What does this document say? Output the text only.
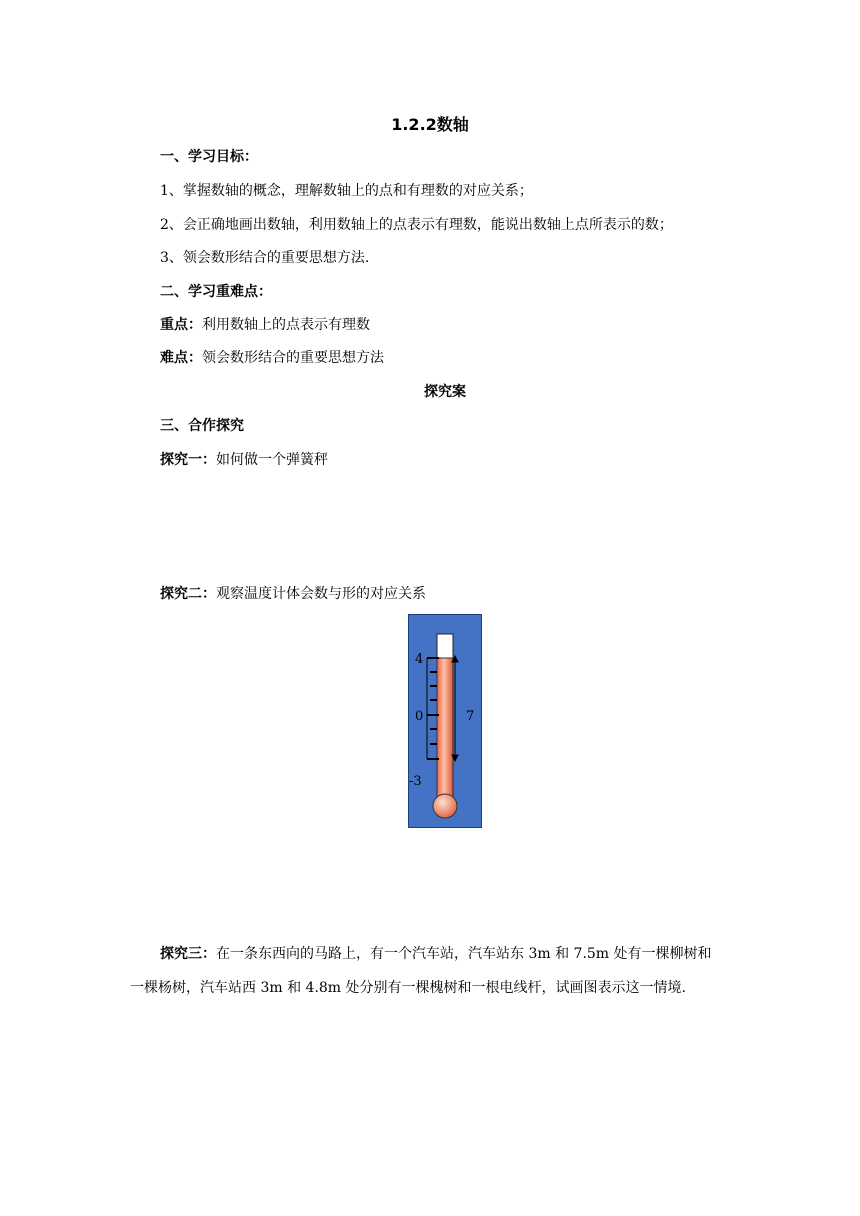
1.2.2数轴
一、学习目标：
1、掌握数轴的概念，理解数轴上的点和有理数的对应关系；
2、会正确地画出数轴，利用数轴上的点表示有理数，能说出数轴上点所表示的数；
3、领会数形结合的重要思想方法.
二、学习重难点：
重点：利用数轴上的点表示有理数
难点：领会数形结合的重要思想方法
探究案
三、合作探究
探究一：如何做一个弹簧秤
探究二：观察温度计体会数与形的对应关系
4
0
-3
7
探究三：在一条东西向的马路上，有一个汽车站，汽车站东 3m 和 7.5m 处有一棵柳树和
一棵杨树，汽车站西 3m 和 4.8m 处分别有一棵槐树和一根电线杆，试画图表示这一情境.
